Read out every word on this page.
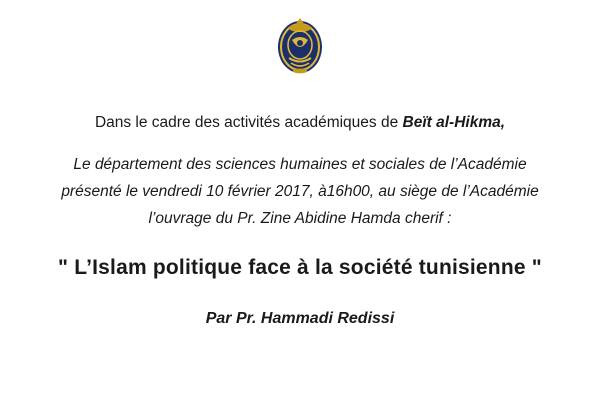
Dans le cadre des activités académiques de Beït al-Hikma,
Le département des sciences humaines et sociales de l’Académie
présenté le vendredi 10 février 2017, à16h00, au siège de l’Académie
l’ouvrage du Pr. Zine Abidine Hamda cherif :
" L’Islam politique face à la société tunisienne "
Par Pr. Hammadi Redissi
